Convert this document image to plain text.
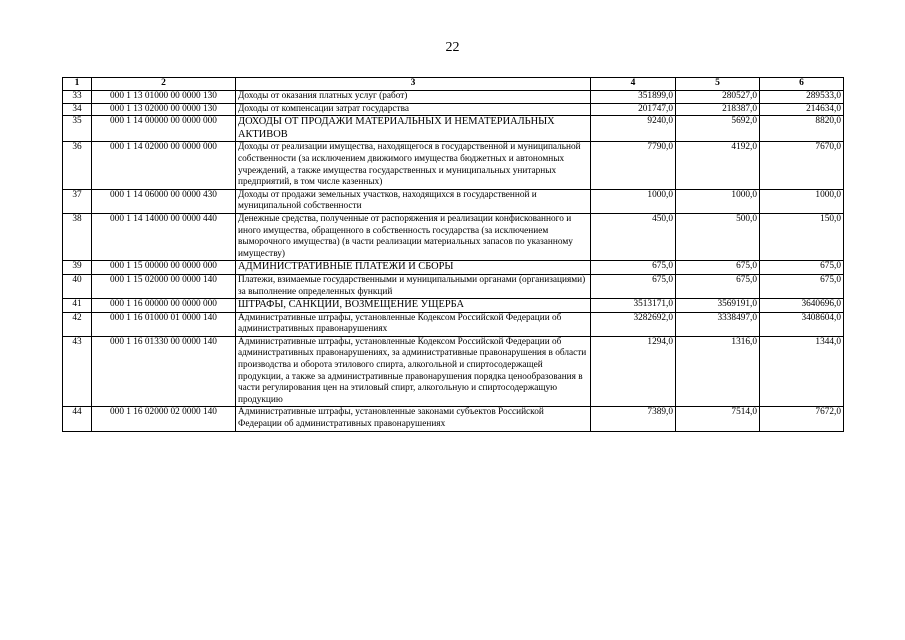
22
1	2	3	4	5	6
33	000 1 13 01000 00 0000 130	Доходы от оказания платных услуг (работ)	351899,0	280527,0	289533,0
34	000 1 13 02000 00 0000 130	Доходы от компенсации затрат государства	201747,0	218387,0	214634,0
35	000 1 14 00000 00 0000 000	ДОХОДЫ ОТ ПРОДАЖИ МАТЕРИАЛЬНЫХ И НЕМАТЕРИАЛЬНЫХ АКТИВОВ	9240,0	5692,0	8820,0
36	000 1 14 02000 00 0000 000	Доходы от реализации имущества, находящегося в государственной и муниципальной собственности (за исключением движимого имущества бюджетных и автономных учреждений, а также имущества государственных и муниципальных унитарных предприятий, в том числе казенных)	7790,0	4192,0	7670,0
37	000 1 14 06000 00 0000 430	Доходы от продажи земельных участков, находящихся в государственной и муниципальной собственности	1000,0	1000,0	1000,0
38	000 1 14 14000 00 0000 440	Денежные средства, полученные от распоряжения и реализации конфискованного и иного имущества, обращенного в собственность государства (за исключением выморочного имущества) (в части реализации материальных запасов по указанному имуществу)	450,0	500,0	150,0
39	000 1 15 00000 00 0000 000	АДМИНИСТРАТИВНЫЕ ПЛАТЕЖИ И СБОРЫ	675,0	675,0	675,0
40	000 1 15 02000 00 0000 140	Платежи, взимаемые государственными и муниципальными органами (организациями) за выполнение определенных функций	675,0	675,0	675,0
41	000 1 16 00000 00 0000 000	ШТРАФЫ, САНКЦИИ, ВОЗМЕЩЕНИЕ УЩЕРБА	3513171,0	3569191,0	3640696,0
42	000 1 16 01000 01 0000 140	Административные штрафы, установленные Кодексом Российской Федерации об административных правонарушениях	3282692,0	3338497,0	3408604,0
43	000 1 16 01330 00 0000 140	Административные штрафы, установленные Кодексом Российской Федерации об административных правонарушениях, за административные правонарушения в области производства и оборота этилового спирта, алкогольной и спиртосодержащей продукции, а также за административные правонарушения порядка ценообразования в части регулирования цен на этиловый спирт, алкогольную и спиртосодержащую продукцию	1294,0	1316,0	1344,0
44	000 1 16 02000 02 0000 140	Административные штрафы, установленные законами субъектов Российской Федерации об административных правонарушениях	7389,0	7514,0	7672,0
